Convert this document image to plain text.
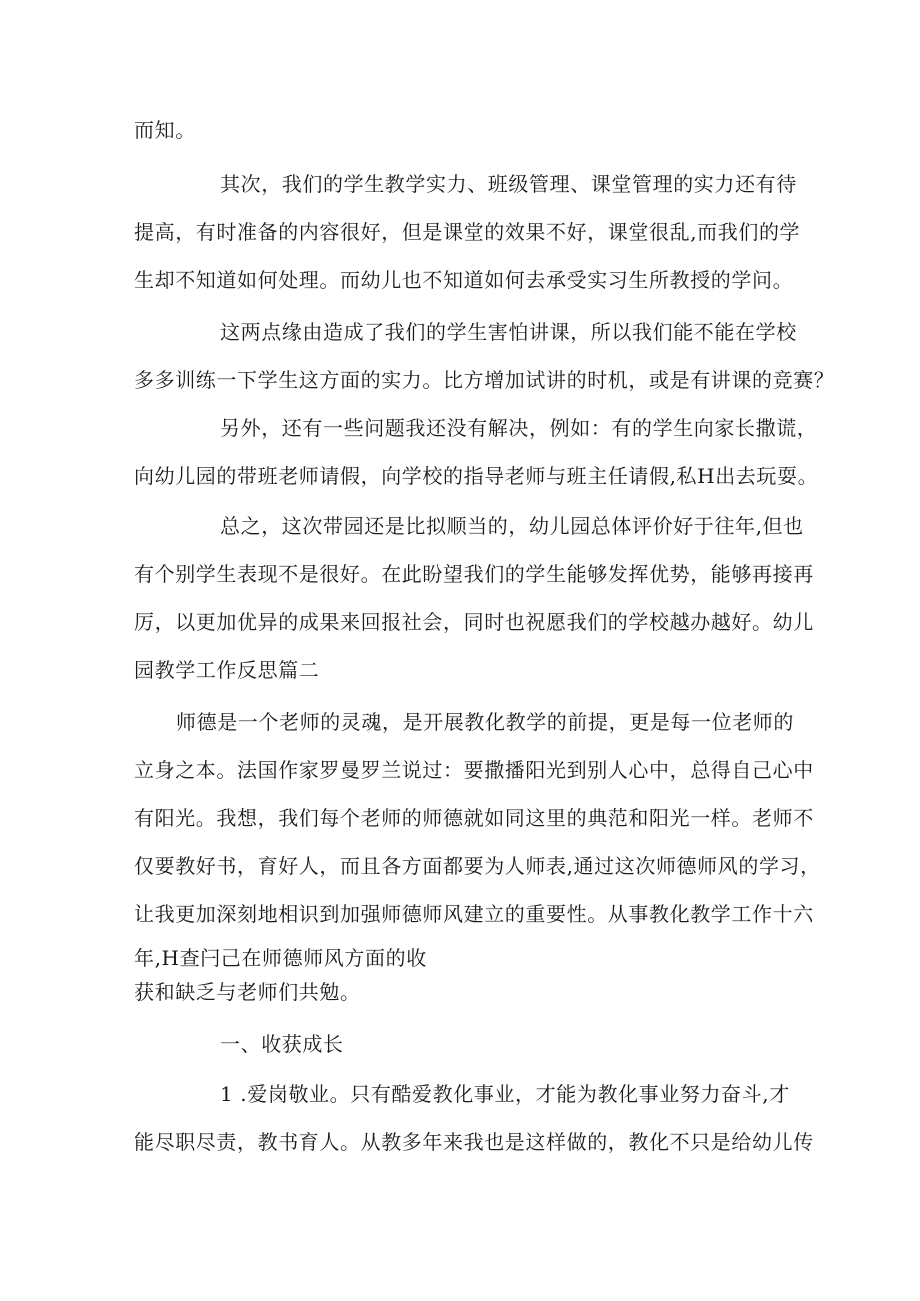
而知。
其次，我们的学生教学实力、班级管理、课堂管理的实力还有待
提高，有时准备的内容很好，但是课堂的效果不好，课堂很乱,而我们的学
生却不知道如何处理。而幼儿也不知道如何去承受实习生所教授的学问。
这两点缘由造成了我们的学生害怕讲课，所以我们能不能在学校
多多训练一下学生这方面的实力。比方增加试讲的时机，或是有讲课的竞赛？
另外，还有一些问题我还没有解决，例如：有的学生向家长撒谎，
向幼儿园的带班老师请假，向学校的指导老师与班主任请假,私H出去玩耍。
总之，这次带园还是比拟顺当的，幼儿园总体评价好于往年,但也
有个别学生表现不是很好。在此盼望我们的学生能够发挥优势，能够再接再
厉，以更加优异的成果来回报社会，同时也祝愿我们的学校越办越好。幼儿
园教学工作反思篇二
师德是一个老师的灵魂，是开展教化教学的前提，更是每一位老师的
立身之本。法国作家罗曼罗兰说过：要撒播阳光到别人心中，总得自己心中
有阳光。我想，我们每个老师的师德就如同这里的典范和阳光一样。老师不
仅要教好书，育好人，而且各方面都要为人师表,通过这次师德师风的学习，
让我更加深刻地相识到加强师德师风建立的重要性。从事教化教学工作十六
年,H查闩己在师德师风方面的收
获和缺乏与老师们共勉。
一、收获成长
1 .爱岗敬业。只有酷爱教化事业，才能为教化事业努力奋斗,才
能尽职尽责，教书育人。从教多年来我也是这样做的，教化不只是给幼儿传
